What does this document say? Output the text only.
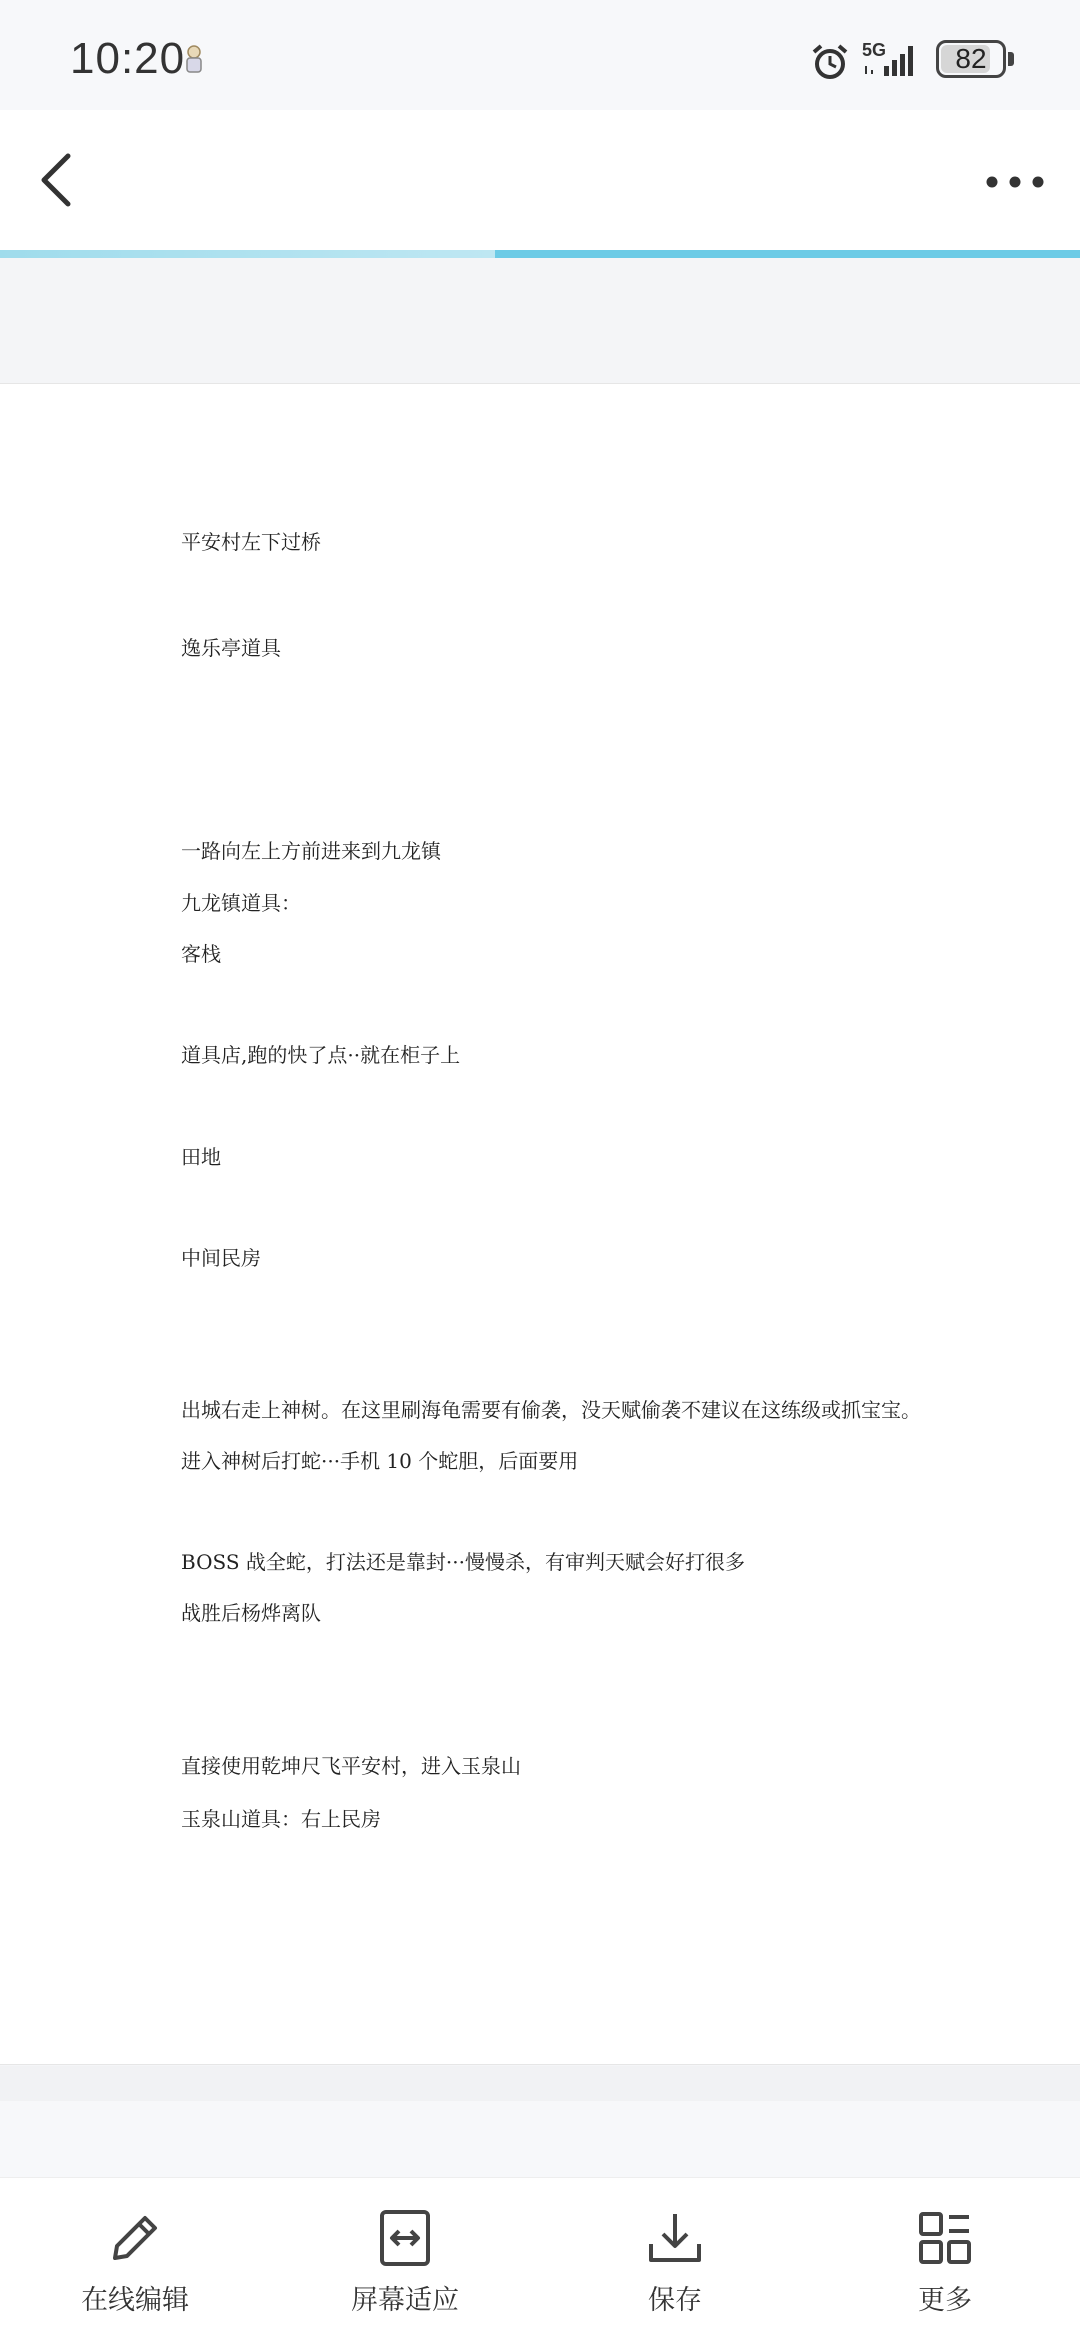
10:20	5G	82
平安村左下过桥
逸乐亭道具
一路向左上方前进来到九龙镇
九龙镇道具：
客栈
道具店,跑的快了点··就在柜子上
田地
中间民房
出城右走上神树。在这里刷海龟需要有偷袭，没天赋偷袭不建议在这练级或抓宝宝。
进入神树后打蛇···手机 10 个蛇胆，后面要用
BOSS 战全蛇，打法还是靠封···慢慢杀，有审判天赋会好打很多
战胜后杨烨离队
直接使用乾坤尺飞平安村，进入玉泉山
玉泉山道具：右上民房
在线编辑	屏幕适应	保存	更多
